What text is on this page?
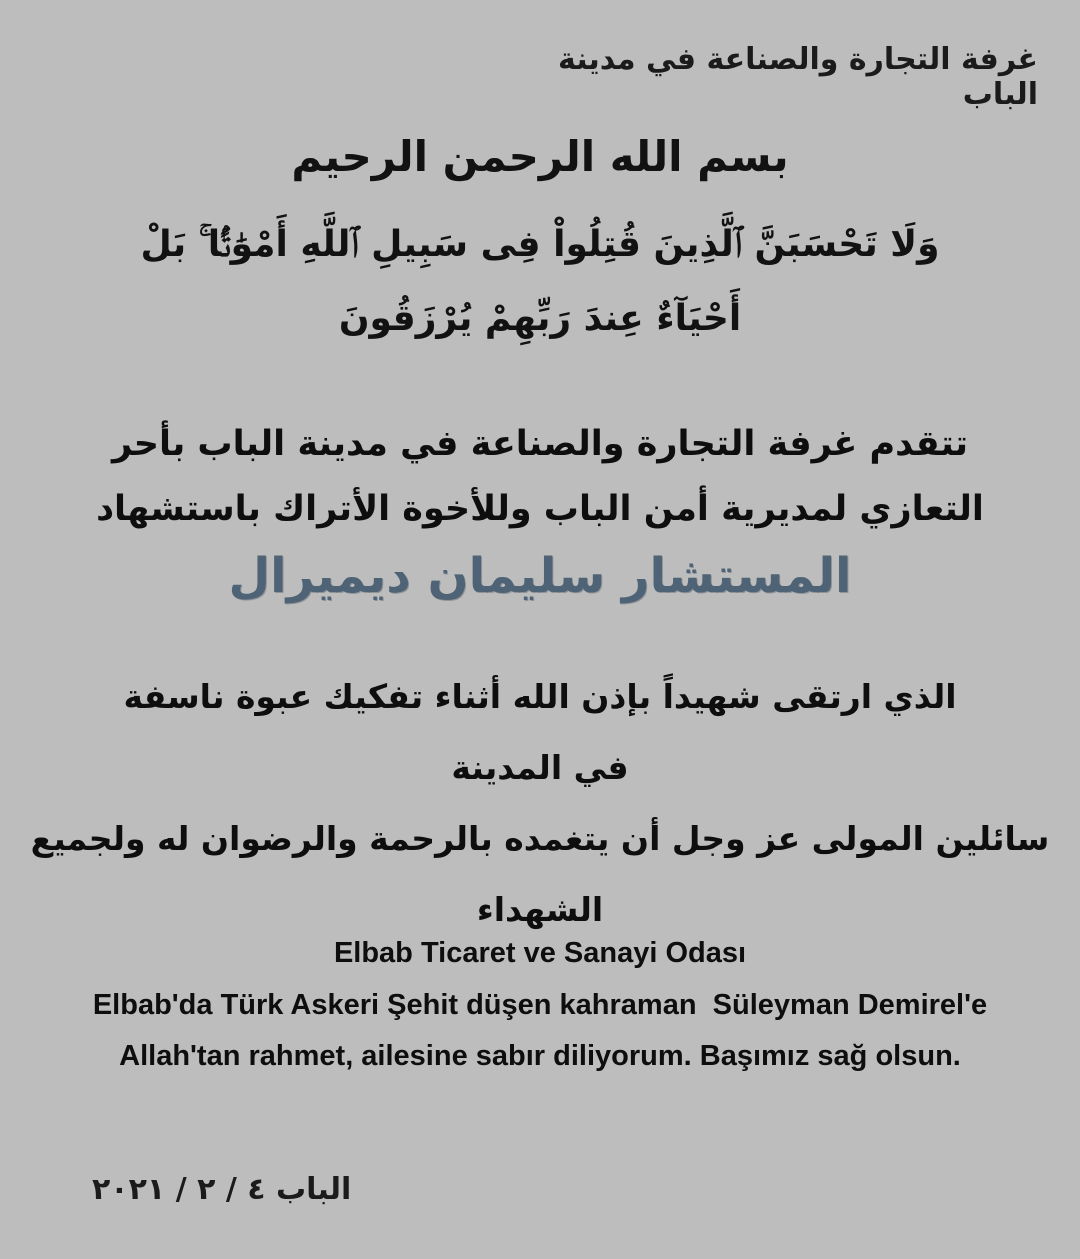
غرفة التجارة والصناعة في مدينة الباب
بسم الله الرحمن الرحيم
وَلَا تَحْسَبَنَّ ٱلَّذِينَ قُتِلُواْ فِى سَبِيلِ ٱللَّهِ أَمْوَٰتًۢا ۚ بَلْ
أَحْيَآءٌ عِندَ رَبِّهِمْ يُرْزَقُونَ
تتقدم غرفة التجارة والصناعة في مدينة الباب بأحر
التعازي لمديرية أمن الباب وللأخوة الأتراك باستشهاد
المستشار سليمان ديميرال
الذي ارتقى شهيداً بإذن الله أثناء تفكيك عبوة ناسفة
في المدينة
سائلين المولى عز وجل أن يتغمده بالرحمة والرضوان له ولجميع الشهداء
Elbab Ticaret ve Sanayi Odası
Elbab'da Türk Askeri Şehit düşen kahraman  Süleyman Demirel'e
Allah'tan rahmet, ailesine sabır diliyorum. Başımız sağ olsun.
الباب ٤ / ٢ / ٢٠٢١
